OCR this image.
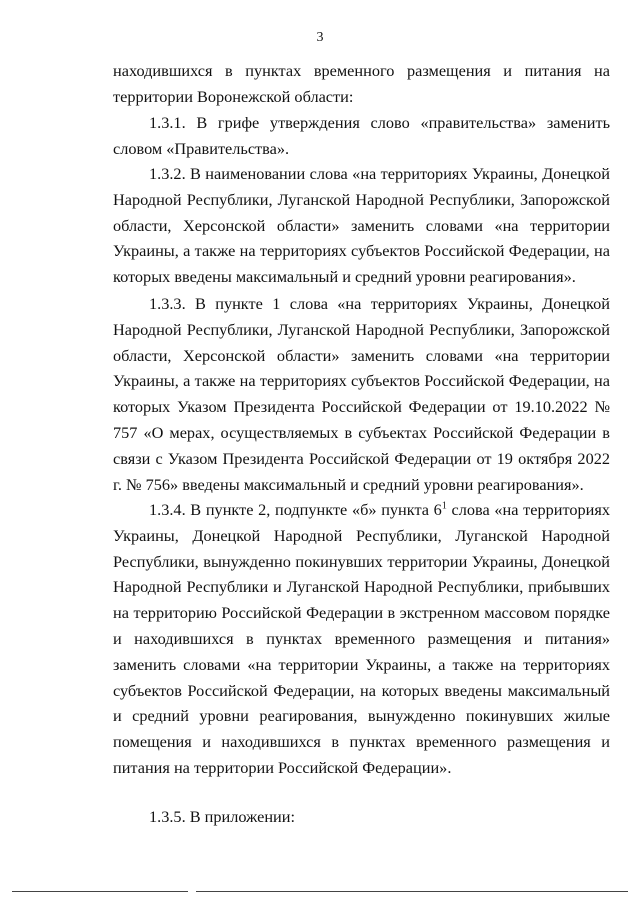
3

находившихся в пунктах временного размещения и питания на территории Воронежской области:

1.3.1. В грифе утверждения слово «правительства» заменить словом «Правительства».

1.3.2. В наименовании слова «на территориях Украины, Донецкой Народной Республики, Луганской Народной Республики, Запорожской области, Херсонской области» заменить словами «на территории Украины, а также на территориях субъектов Российской Федерации, на которых введены максимальный и средний уровни реагирования».

1.3.3. В пункте 1 слова «на территориях Украины, Донецкой Народной Республики, Луганской Народной Республики, Запорожской области, Херсонской области» заменить словами «на территории Украины, а также на территориях субъектов Российской Федерации, на которых Указом Президента Российской Федерации от 19.10.2022 № 757 «О мерах, осуществляемых в субъектах Российской Федерации в связи с Указом Президента Российской Федерации от 19 октября 2022 г. № 756» введены максимальный и средний уровни реагирования».

1.3.4. В пункте 2, подпункте «б» пункта $6^1$ слова «на территориях Украины, Донецкой Народной Республики, Луганской Народной Республики, вынужденно покинувших территории Украины, Донецкой Народной Республики и Луганской Народной Республики, прибывших на территорию Российской Федерации в экстренном массовом порядке и находившихся в пунктах временного размещения и питания» заменить словами «на территории Украины, а также на территориях субъектов Российской Федерации, на которых введены максимальный и средний уровни реагирования, вынужденно покинувших жилые помещения и находившихся в пунктах временного размещения и питания на территории Российской Федерации».

1.3.5. В приложении:
